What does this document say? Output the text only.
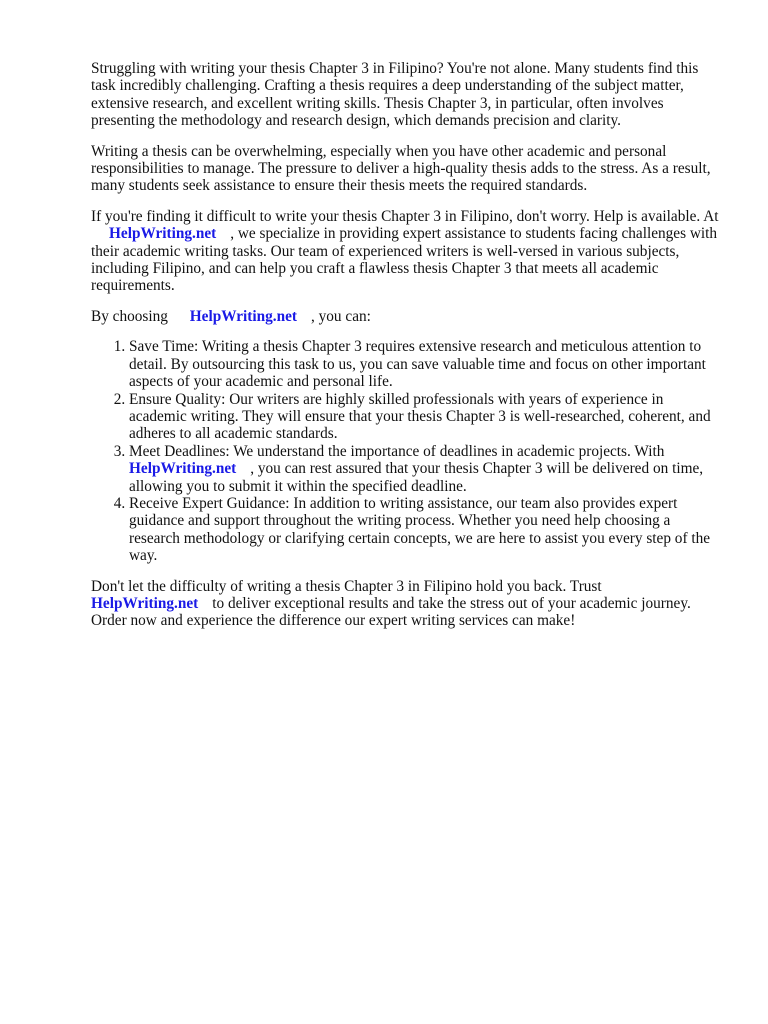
Struggling with writing your thesis Chapter 3 in Filipino? You're not alone. Many students find this task incredibly challenging. Crafting a thesis requires a deep understanding of the subject matter, extensive research, and excellent writing skills. Thesis Chapter 3, in particular, often involves presenting the methodology and research design, which demands precision and clarity.

Writing a thesis can be overwhelming, especially when you have other academic and personal responsibilities to manage. The pressure to deliver a high-quality thesis adds to the stress. As a result, many students seek assistance to ensure their thesis meets the required standards.

If you're finding it difficult to write your thesis Chapter 3 in Filipino, don't worry. Help is available. At HelpWriting.net , we specialize in providing expert assistance to students facing challenges with their academic writing tasks. Our team of experienced writers is well-versed in various subjects, including Filipino, and can help you craft a flawless thesis Chapter 3 that meets all academic requirements.

By choosing HelpWriting.net , you can:

1. Save Time: Writing a thesis Chapter 3 requires extensive research and meticulous attention to detail. By outsourcing this task to us, you can save valuable time and focus on other important aspects of your academic and personal life.
2. Ensure Quality: Our writers are highly skilled professionals with years of experience in academic writing. They will ensure that your thesis Chapter 3 is well-researched, coherent, and adheres to all academic standards.
3. Meet Deadlines: We understand the importance of deadlines in academic projects. With HelpWriting.net , you can rest assured that your thesis Chapter 3 will be delivered on time, allowing you to submit it within the specified deadline.
4. Receive Expert Guidance: In addition to writing assistance, our team also provides expert guidance and support throughout the writing process. Whether you need help choosing a research methodology or clarifying certain concepts, we are here to assist you every step of the way.

Don't let the difficulty of writing a thesis Chapter 3 in Filipino hold you back. Trust HelpWriting.net to deliver exceptional results and take the stress out of your academic journey. Order now and experience the difference our expert writing services can make!
